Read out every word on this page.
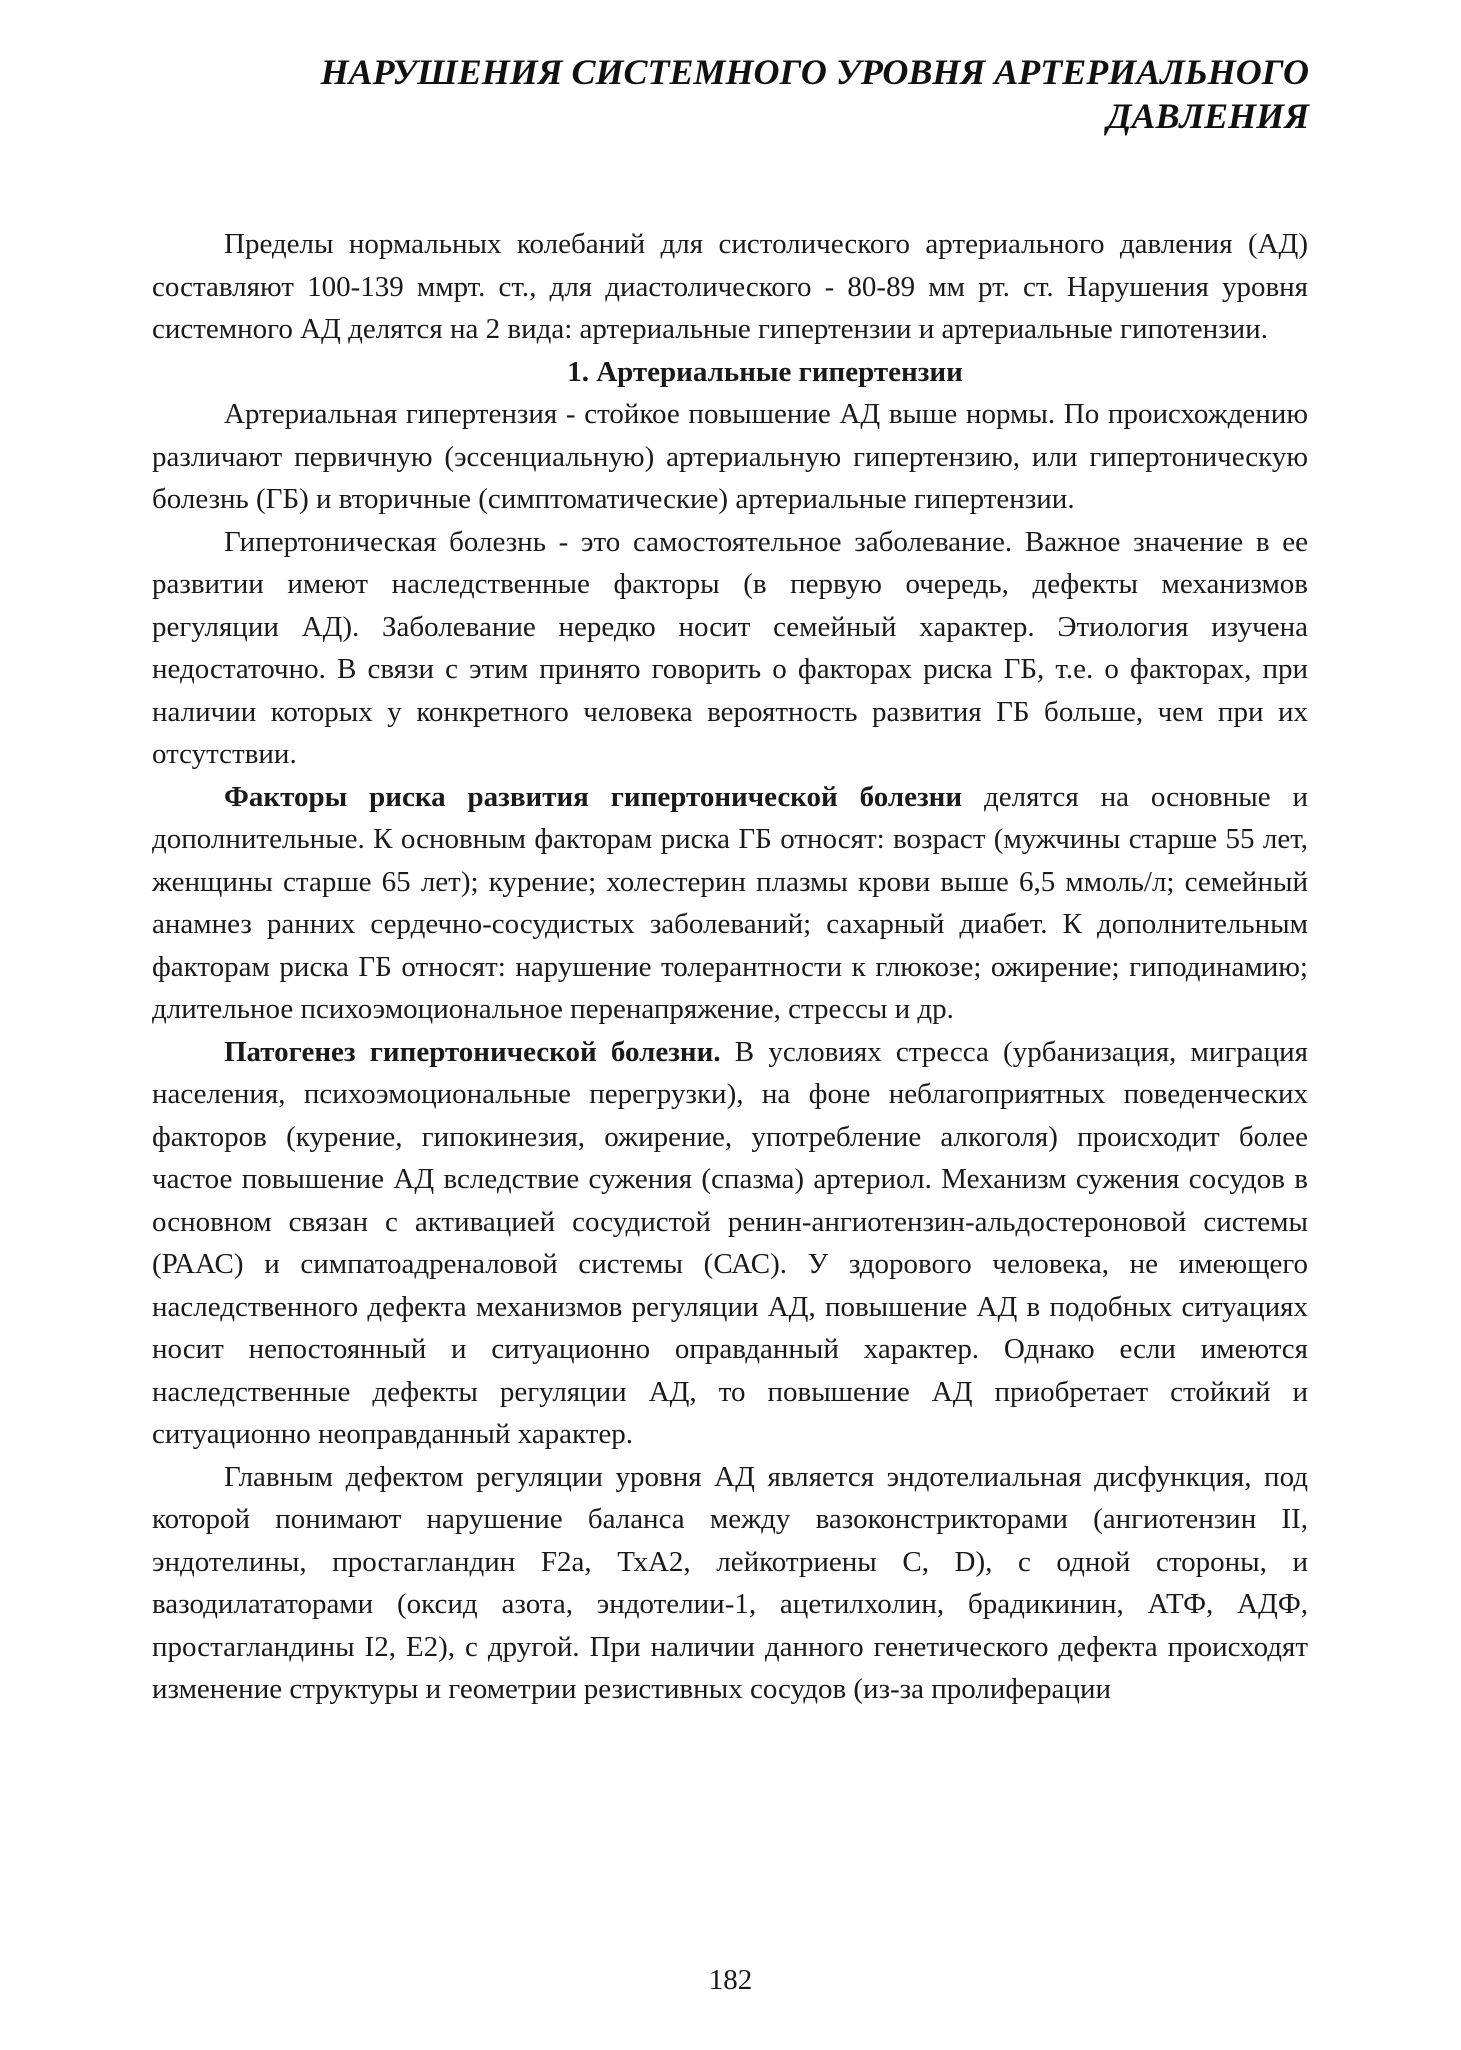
НАРУШЕНИЯ СИСТЕМНОГО УРОВНЯ АРТЕРИАЛЬНОГО
ДАВЛЕНИЯ

Пределы нормальных колебаний для систолического артериального давления (АД) составляют 100-139 ммрт. ст., для диастолического - 80-89 мм рт. ст. Нарушения уровня системного АД делятся на 2 вида: артериальные гипертензии и артериальные гипотензии.

1. Артериальные гипертензии

Артериальная гипертензия - стойкое повышение АД выше нормы. По происхождению различают первичную (эссенциальную) артериальную гипертензию, или гипертоническую болезнь (ГБ) и вторичные (симптоматические) артериальные гипертензии.

Гипертоническая болезнь - это самостоятельное заболевание. Важное значение в ее развитии имеют наследственные факторы (в первую очередь, дефекты механизмов регуляции АД). Заболевание нередко носит семейный характер. Этиология изучена недостаточно. В связи с этим принято говорить о факторах риска ГБ, т.е. о факторах, при наличии которых у конкретного человека вероятность развития ГБ больше, чем при их отсутствии.

Факторы риска развития гипертонической болезни делятся на основные и дополнительные. К основным факторам риска ГБ относят: возраст (мужчины старше 55 лет, женщины старше 65 лет); курение; холестерин плазмы крови выше 6,5 ммоль/л; семейный анамнез ранних сердечно-сосудистых заболеваний; сахарный диабет. К дополнительным факторам риска ГБ относят: нарушение толерантности к глюкозе; ожирение; гиподинамию; длительное психоэмоциональное перенапряжение, стрессы и др.

Патогенез гипертонической болезни. В условиях стресса (урбанизация, миграция населения, психоэмоциональные перегрузки), на фоне неблагоприятных поведенческих факторов (курение, гипокинезия, ожирение, употребление алкоголя) происходит более частое повышение АД вследствие сужения (спазма) артериол. Механизм сужения сосудов в основном связан с активацией сосудистой ренин-ангиотензин-альдостероновой системы (РААС) и симпатоадреналовой системы (САС). У здорового человека, не имеющего наследственного дефекта механизмов регуляции АД, повышение АД в подобных ситуациях носит непостоянный и ситуационно оправданный характер. Однако если имеются наследственные дефекты регуляции АД, то повышение АД приобретает стойкий и ситуационно неоправданный характер.

Главным дефектом регуляции уровня АД является эндотелиальная дисфункция, под которой понимают нарушение баланса между вазоконстрикторами (ангиотензин II, эндотелины, простагландин F2a, ТхА2, лейкотриены С, D), с одной стороны, и вазодилататорами (оксид азота, эндотелии-1, ацетилхолин, брадикинин, АТФ, АДФ, простагландины I2, Е2), с другой. При наличии данного генетического дефекта происходят изменение структуры и геометрии резистивных сосудов (из-за пролиферации

182
